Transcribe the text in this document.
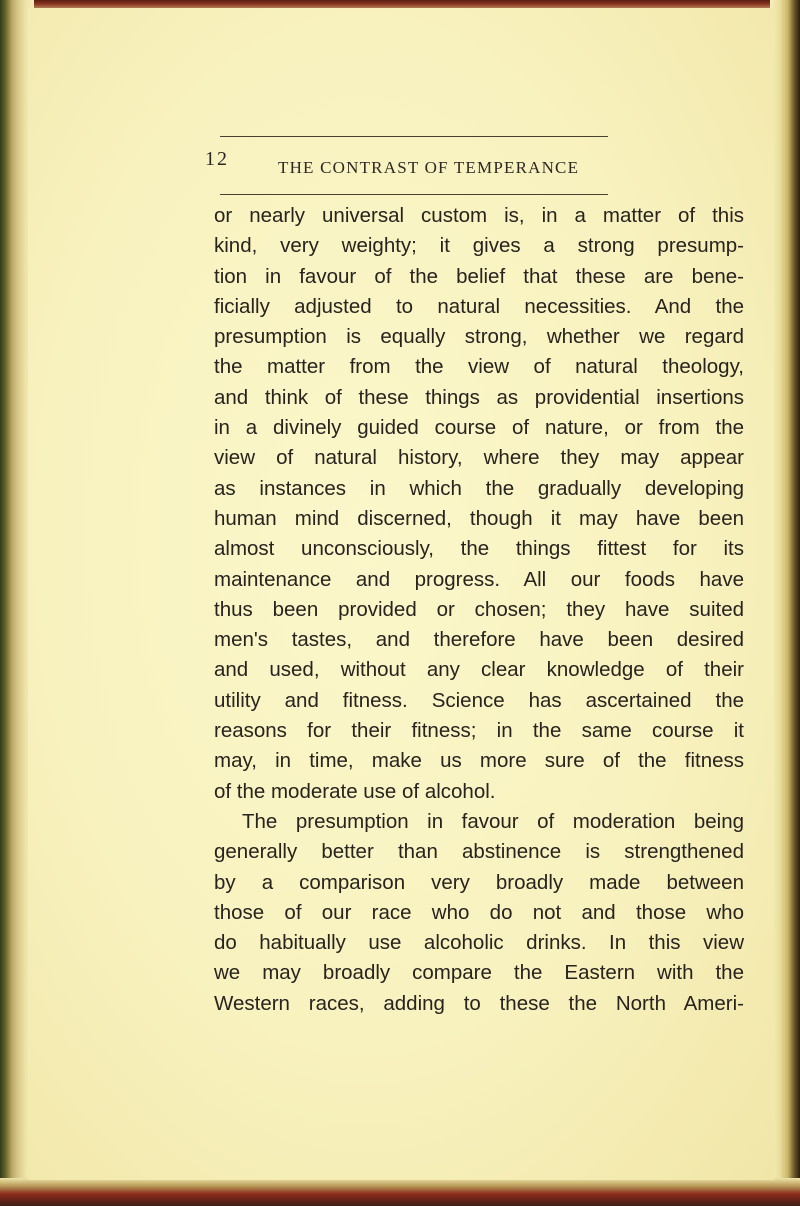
12	THE CONTRAST OF TEMPERANCE
or nearly universal custom is, in a matter of this
kind, very weighty; it gives a strong presump-
tion in favour of the belief that these are bene-
ficially adjusted to natural necessities. And the
presumption is equally strong, whether we regard
the matter from the view of natural theology,
and think of these things as providential insertions
in a divinely guided course of nature, or from the
view of natural history, where they may appear
as instances in which the gradually developing
human mind discerned, though it may have been
almost unconsciously, the things fittest for its
maintenance and progress. All our foods have
thus been provided or chosen; they have suited
men's tastes, and therefore have been desired
and used, without any clear knowledge of their
utility and fitness. Science has ascertained the
reasons for their fitness; in the same course it
may, in time, make us more sure of the fitness
of the moderate use of alcohol.
The presumption in favour of moderation being
generally better than abstinence is strengthened
by a comparison very broadly made between
those of our race who do not and those who
do habitually use alcoholic drinks. In this view
we may broadly compare the Eastern with the
Western races, adding to these the North Ameri-
